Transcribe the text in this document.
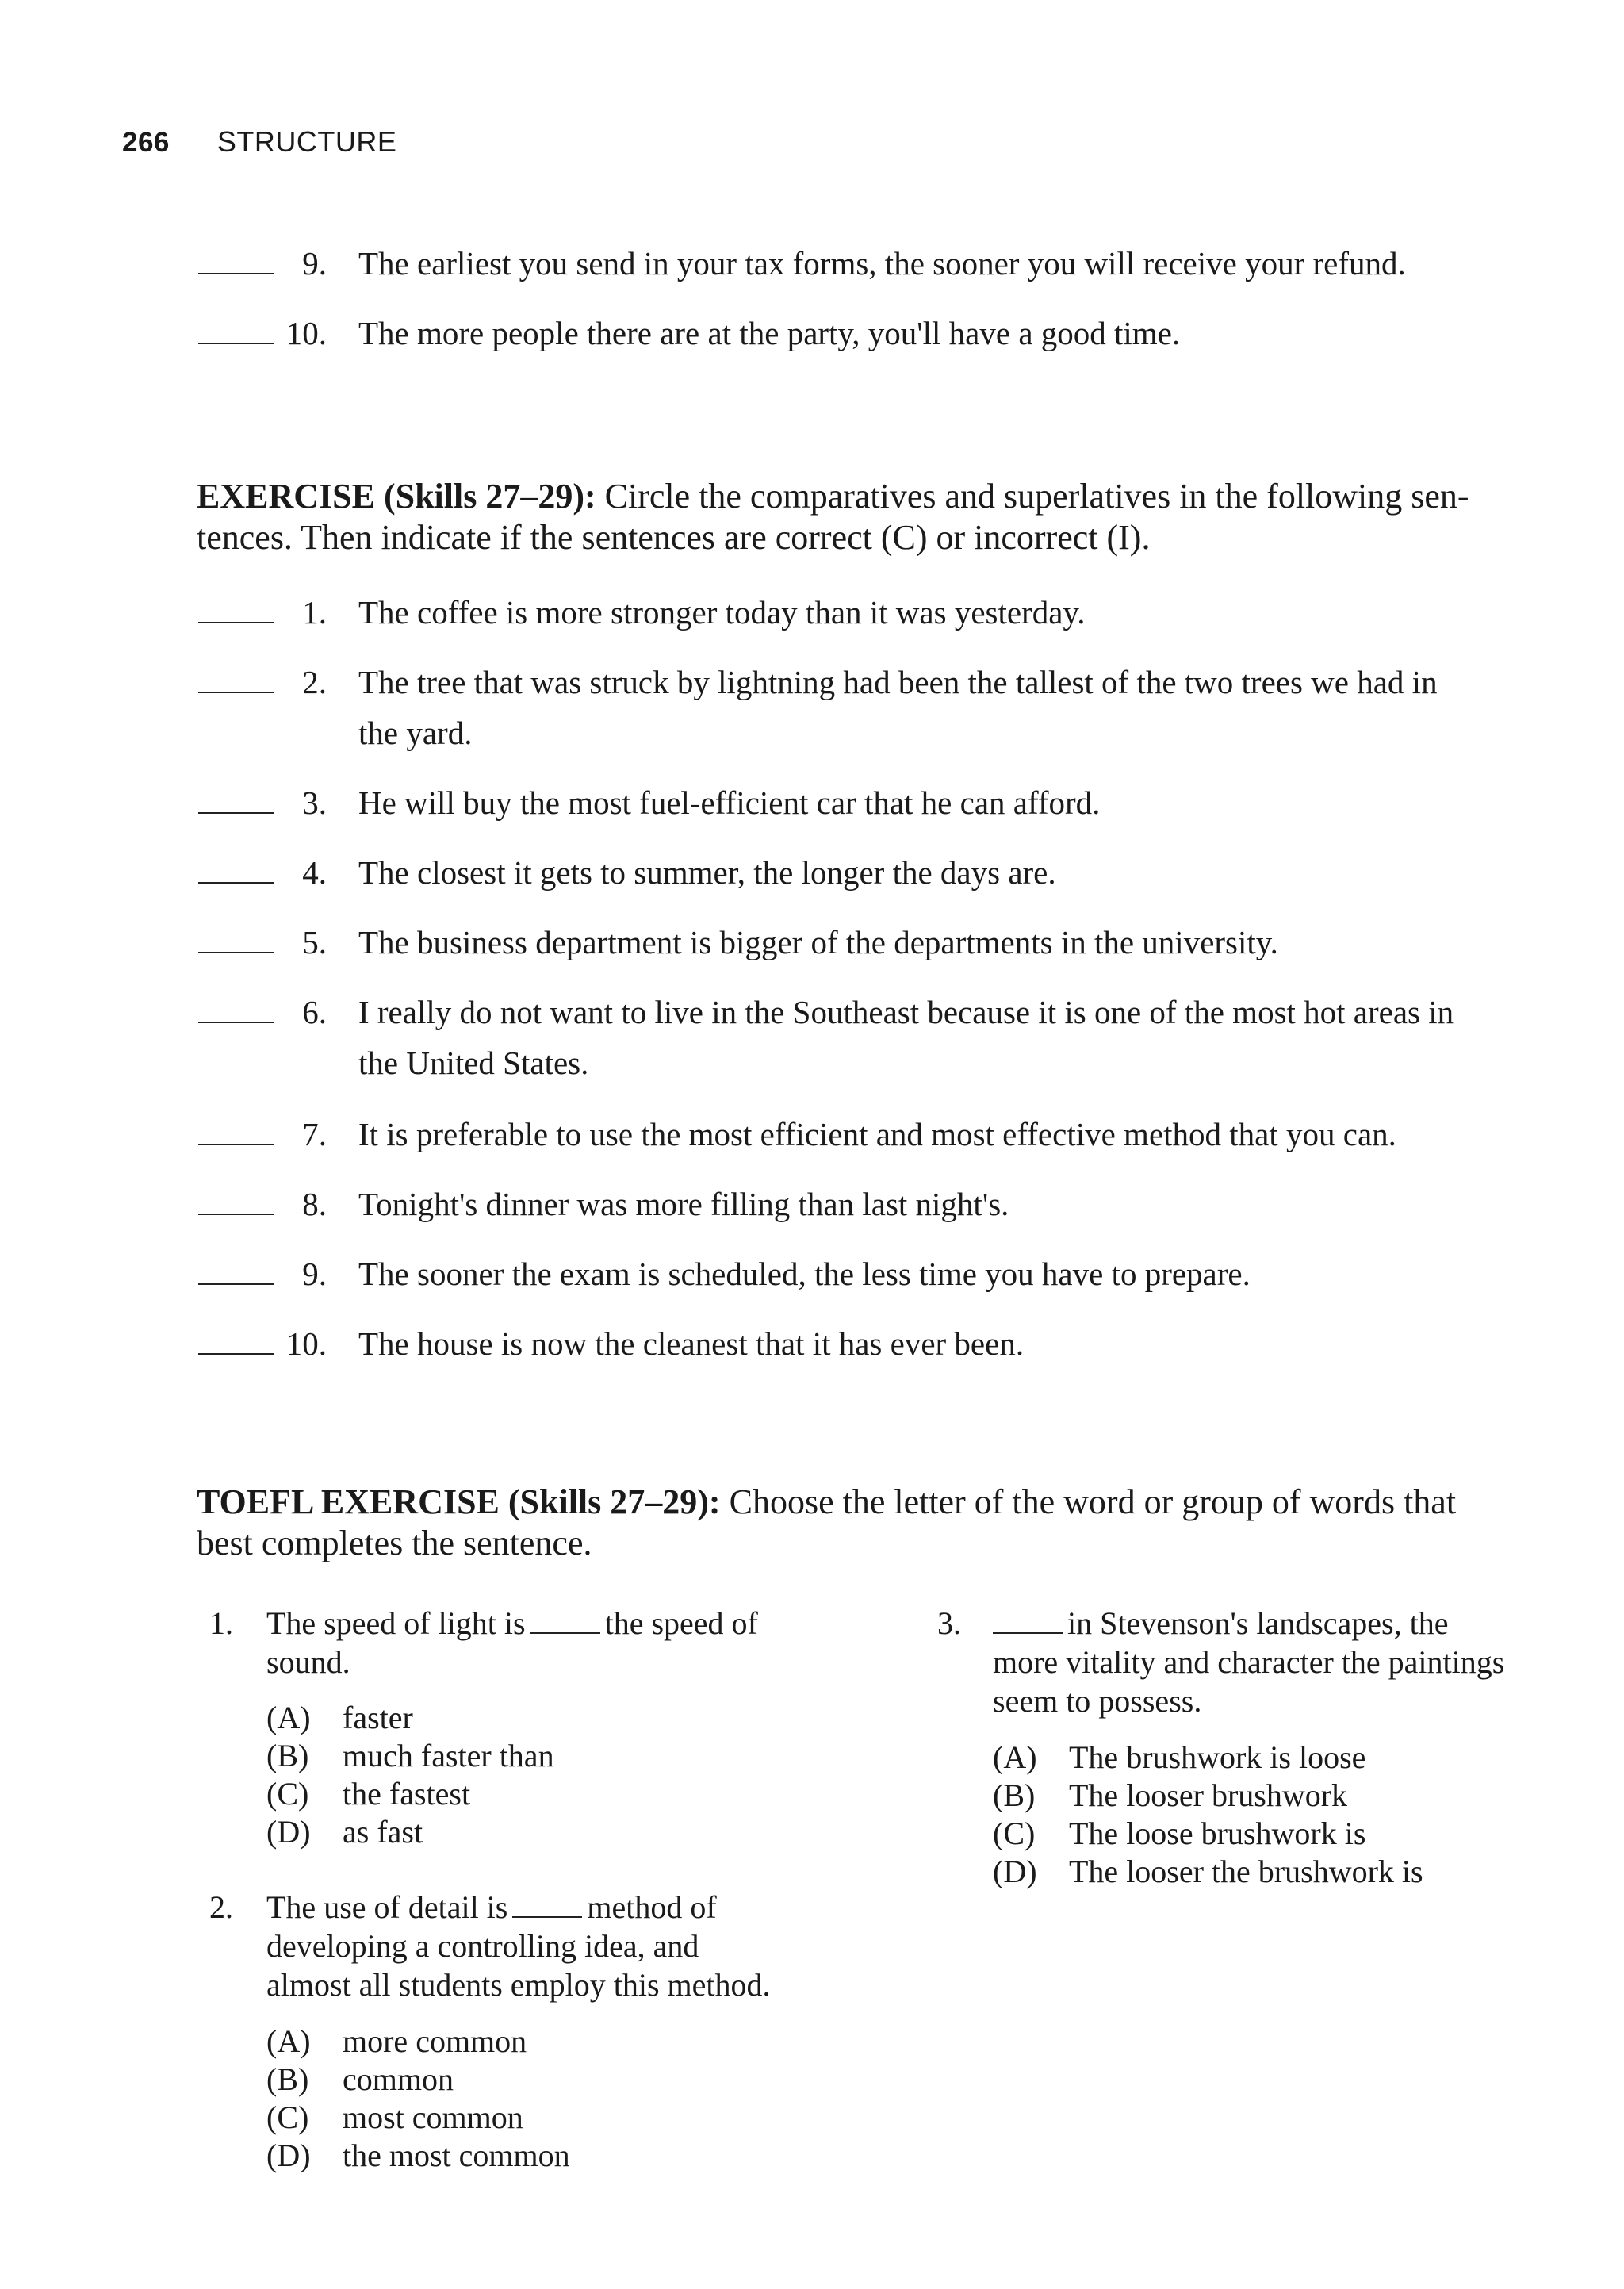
266 STRUCTURE
9. The earliest you send in your tax forms, the sooner you will receive your refund.
10. The more people there are at the party, you'll have a good time.
EXERCISE (Skills 27–29): Circle the comparatives and superlatives in the following sen-
tences. Then indicate if the sentences are correct (C) or incorrect (I).
1. The coffee is more stronger today than it was yesterday.
2. The tree that was struck by lightning had been the tallest of the two trees we had in
the yard.
3. He will buy the most fuel-efficient car that he can afford.
4. The closest it gets to summer, the longer the days are.
5. The business department is bigger of the departments in the university.
6. I really do not want to live in the Southeast because it is one of the most hot areas in
the United States.
7. It is preferable to use the most efficient and most effective method that you can.
8. Tonight's dinner was more filling than last night's.
9. The sooner the exam is scheduled, the less time you have to prepare.
10. The house is now the cleanest that it has ever been.
TOEFL EXERCISE (Skills 27–29): Choose the letter of the word or group of words that
best completes the sentence.
1. The speed of light is	the speed of
sound.
(A) faster
(B) much faster than
(C) the fastest
(D) as fast
2. The use of detail is	method of
developing a controlling idea, and
almost all students employ this method.
(A) more common
(B) common
(C) most common
(D) the most common
3.	in Stevenson's landscapes, the
more vitality and character the paintings
seem to possess.
(A) The brushwork is loose
(B) The looser brushwork
(C) The loose brushwork is
(D) The looser the brushwork is
